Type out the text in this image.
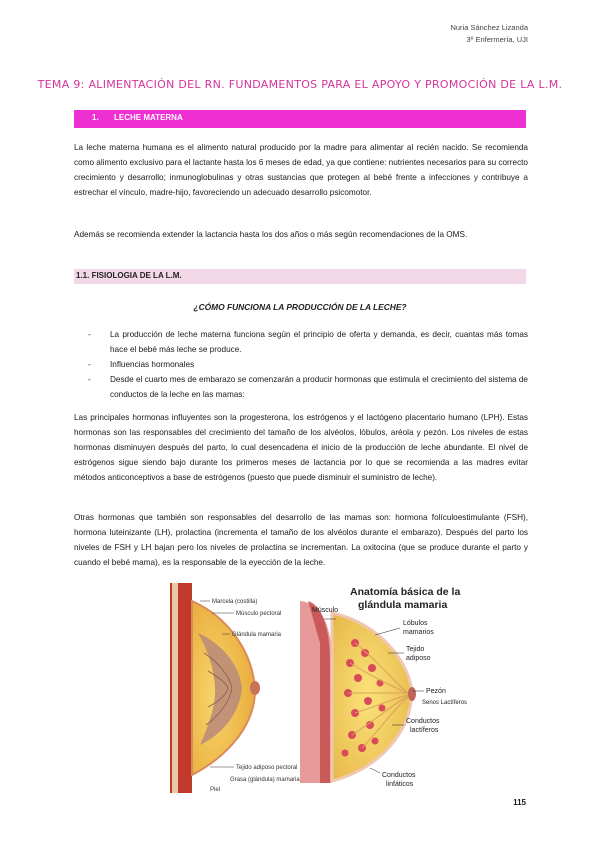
Nuria Sánchez Lizanda
3º Enfermería, UJI
TEMA 9: ALIMENTACIÓN DEL RN. FUNDAMENTOS PARA EL APOYO Y PROMOCIÓN DE LA L.M.
1. LECHE MATERNA

La leche materna humana es el alimento natural producido por la madre para alimentar al recién nacido. Se recomienda como alimento exclusivo para el lactante hasta los 6 meses de edad, ya que contiene: nutrientes necesarios para su correcto crecimiento y desarrollo; inmunoglobulinas y otras sustancias que protegen al bebé frente a infecciones y contribuye a estrechar el vínculo, madre-hijo, favoreciendo un adecuado desarrollo psicomotor.

Además se recomienda extender la lactancia hasta los dos años o más según recomendaciones de la OMS.

1.1. FISIOLOGIA DE LA L.M.
¿CÓMO FUNCIONA LA PRODUCCIÓN DE LA LECHE?
- La producción de leche materna funciona según el principio de oferta y demanda, es decir, cuantas más tomas hace el bebé más leche se produce.
- Influencias hormonales
- Desde el cuarto mes de embarazo se comenzarán a producir hormonas que estimula el crecimiento del sistema de conductos de la leche en las mamas:

Las principales hormonas influyentes son la progesterona, los estrógenos y el lactógeno placentario humano (LPH). Estas hormonas son las responsables del crecimiento del tamaño de los alvéolos, lóbulos, aréola y pezón. Los niveles de estas hormonas disminuyen después del parto, lo cual desencadena el inicio de la producción de leche abundante. El nivel de estrógenos sigue siendo bajo durante los primeros meses de lactancia por lo que se recomienda a las madres evitar métodos anticonceptivos a base de estrógenos (puesto que puede disminuir el suministro de leche).

Otras hormonas que también son responsables del desarrollo de las mamas son: hormona folículoestimulante (FSH), hormona luteinizante (LH), prolactina (incrementa el tamaño de los alvéolos durante el embarazo). Después del parto los niveles de FSH y LH bajan pero los niveles de prolactina se incrementan. La oxitocina (que se produce durante el parto y cuando el bebé mama), es la responsable de la eyección de la leche.

Marcela (costilla)
Músculo pectoral
Glándula mamaria
Tejido adiposo pectoral
Grasa (glándula) mamaria
Piel
Anatomía básica de la
glándula mamaria
Músculo
Lóbulos
mamarios
Tejido
adiposo
Pezón
Senos Lactíferos
Conductos
lactíferos
Conductos
linfáticos
115
